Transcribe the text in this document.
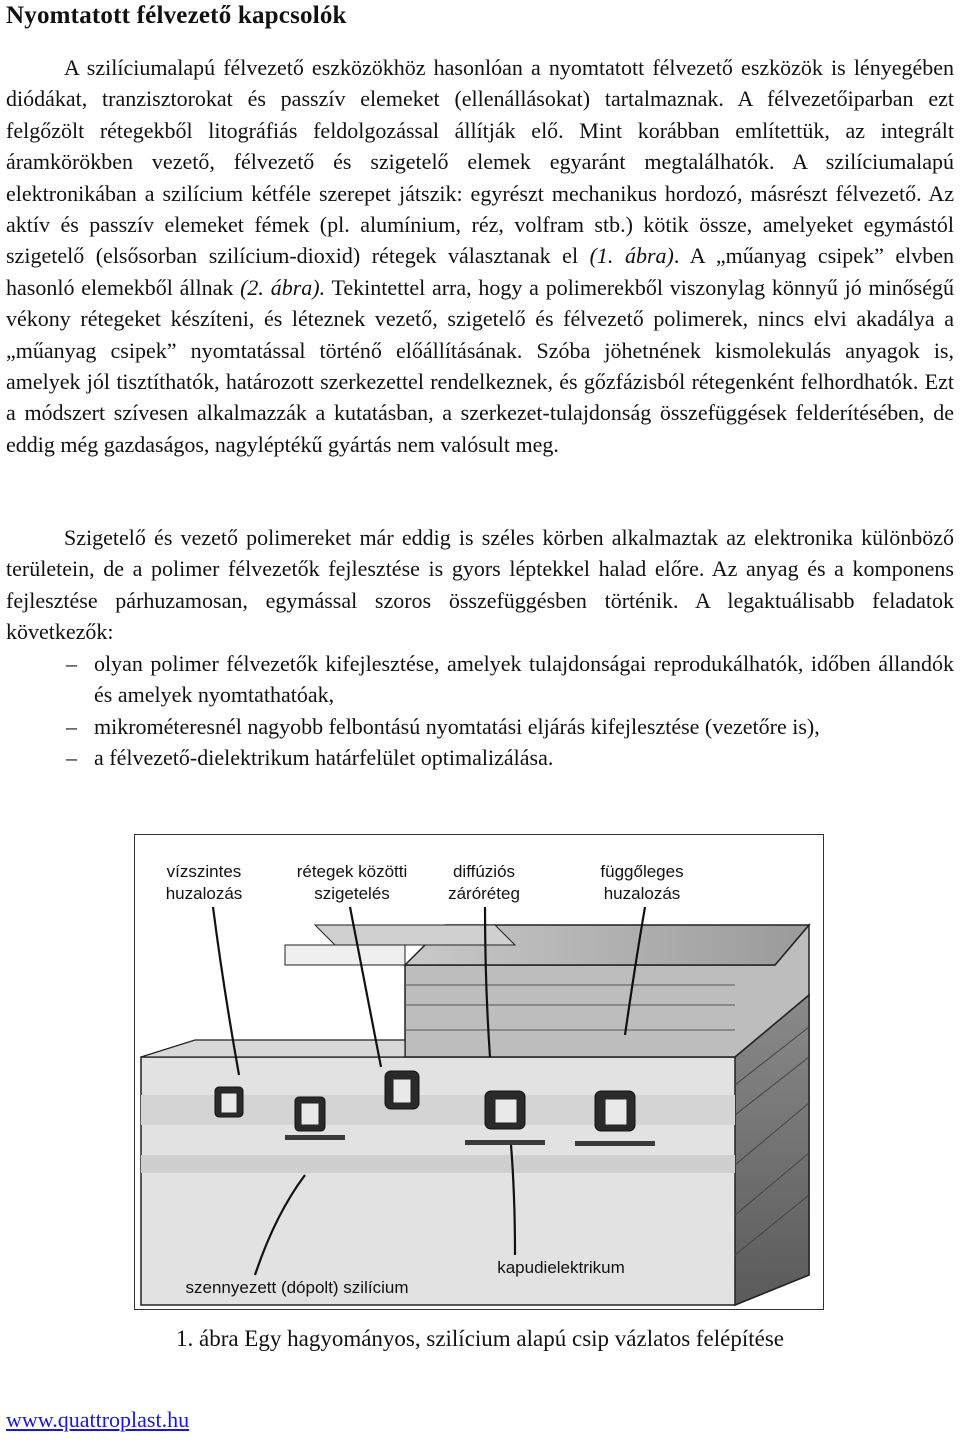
Nyomtatott félvezető kapcsolók

A szilíciumalapú félvezető eszközökhöz hasonlóan a nyomtatott félvezető eszközök is lényegében diódákat, tranzisztorokat és passzív elemeket (ellenállásokat) tartalmaznak. A félvezetőiparban ezt felgőzölt rétegekből litográfiás feldolgozással állítják elő. Mint korábban említettük, az integrált áramkörökben vezető, félvezető és szigetelő elemek egyaránt megtalálhatók. A szilíciumalapú elektronikában a szilícium kétféle szerepet játszik: egyrészt mechanikus hordozó, másrészt félvezető. Az aktív és passzív elemeket fémek (pl. alumínium, réz, volfram stb.) kötik össze, amelyeket egymástól szigetelő (elsősorban szilícium-dioxid) rétegek választanak el (1. ábra). A „műanyag csipek” elvben hasonló elemekből állnak (2. ábra). Tekintettel arra, hogy a polimerekből viszonylag könnyű jó minőségű vékony rétegeket készíteni, és léteznek vezető, szigetelő és félvezető polimerek, nincs elvi akadálya a „műanyag csipek” nyomtatással történő előállításának. Szóba jöhetnének kismolekulás anyagok is, amelyek jól tisztíthatók, határozott szerkezettel rendelkeznek, és gőzfázisból rétegenként felhordhatók. Ezt a módszert szívesen alkalmazzák a kutatásban, a szerkezet-tulajdonság összefüggések felderítésében, de eddig még gazdaságos, nagyléptékű gyártás nem valósult meg.

Szigetelő és vezető polimereket már eddig is széles körben alkalmaztak az elektronika különböző területein, de a polimer félvezetők fejlesztése is gyors léptekkel halad előre. Az anyag és a komponens fejlesztése párhuzamosan, egymással szoros összefüggésben történik. A legaktuálisabb feladatok következők:

– olyan polimer félvezetők kifejlesztése, amelyek tulajdonságai reprodukálhatók, időben állandók és amelyek nyomtathatóak,
– mikrométeresnél nagyobb felbontású nyomtatási eljárás kifejlesztése (vezetőre is),
– a félvezető-dielektrikum határfelület optimalizálása.
vízszintes
huzalozás
rétegek közötti
szigetelés
diffúziós
záróréteg
függőleges
huzalozás
kapudielektrikum
szennyezett (dópolt) szilícium
1. ábra Egy hagyományos, szilícium alapú csip vázlatos felépítése
www.quattroplast.hu
